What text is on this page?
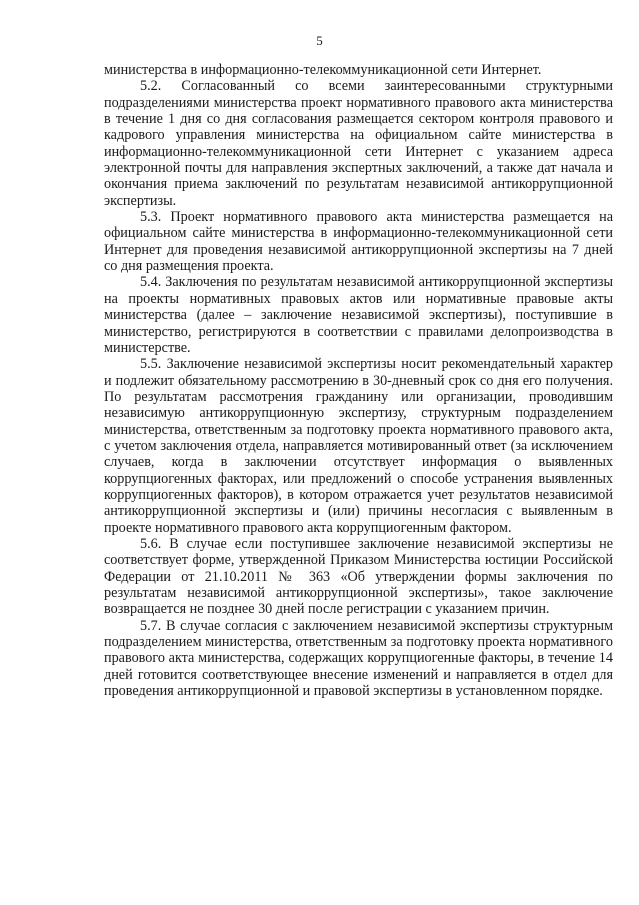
5

министерства в информационно-телекоммуникационной сети Интернет.

5.2. Согласованный со всеми заинтересованными структурными подразделениями министерства проект нормативного правового акта министерства в течение 1 дня со дня согласования размещается сектором контроля правового и кадрового управления министерства на официальном сайте министерства в информационно-телекоммуникационной сети Интернет с указанием адреса электронной почты для направления экспертных заключений, а также дат начала и окончания приема заключений по результатам независимой антикоррупционной экспертизы.

5.3. Проект нормативного правового акта министерства размещается на официальном сайте министерства в информационно-телекоммуникационной сети Интернет для проведения независимой антикоррупционной экспертизы на 7 дней со дня размещения проекта.

5.4. Заключения по результатам независимой антикоррупционной экспертизы на проекты нормативных правовых актов или нормативные правовые акты министерства (далее – заключение независимой экспертизы), поступившие в министерство, регистрируются в соответствии с правилами делопроизводства в министерстве.

5.5. Заключение независимой экспертизы носит рекомендательный характер и подлежит обязательному рассмотрению в 30-дневный срок со дня его получения. По результатам рассмотрения гражданину или организации, проводившим независимую антикоррупционную экспертизу, структурным подразделением министерства, ответственным за подготовку проекта нормативного правового акта, с учетом заключения отдела, направляется мотивированный ответ (за исключением случаев, когда в заключении отсутствует информация о выявленных коррупциогенных факторах, или предложений о способе устранения выявленных коррупциогенных факторов), в котором отражается учет результатов независимой антикоррупционной экспертизы и (или) причины несогласия с выявленным в проекте нормативного правового акта коррупциогенным фактором.

5.6. В случае если поступившее заключение независимой экспертизы не соответствует форме, утвержденной Приказом Министерства юстиции Российской Федерации от 21.10.2011 № 363 «Об утверждении формы заключения по результатам независимой антикоррупционной экспертизы», такое заключение возвращается не позднее 30 дней после регистрации с указанием причин.

5.7. В случае согласия с заключением независимой экспертизы структурным подразделением министерства, ответственным за подготовку проекта нормативного правового акта министерства, содержащих коррупциогенные факторы, в течение 14 дней готовится соответствующее внесение изменений и направляется в отдел для проведения антикоррупционной и правовой экспертизы в установленном порядке.
